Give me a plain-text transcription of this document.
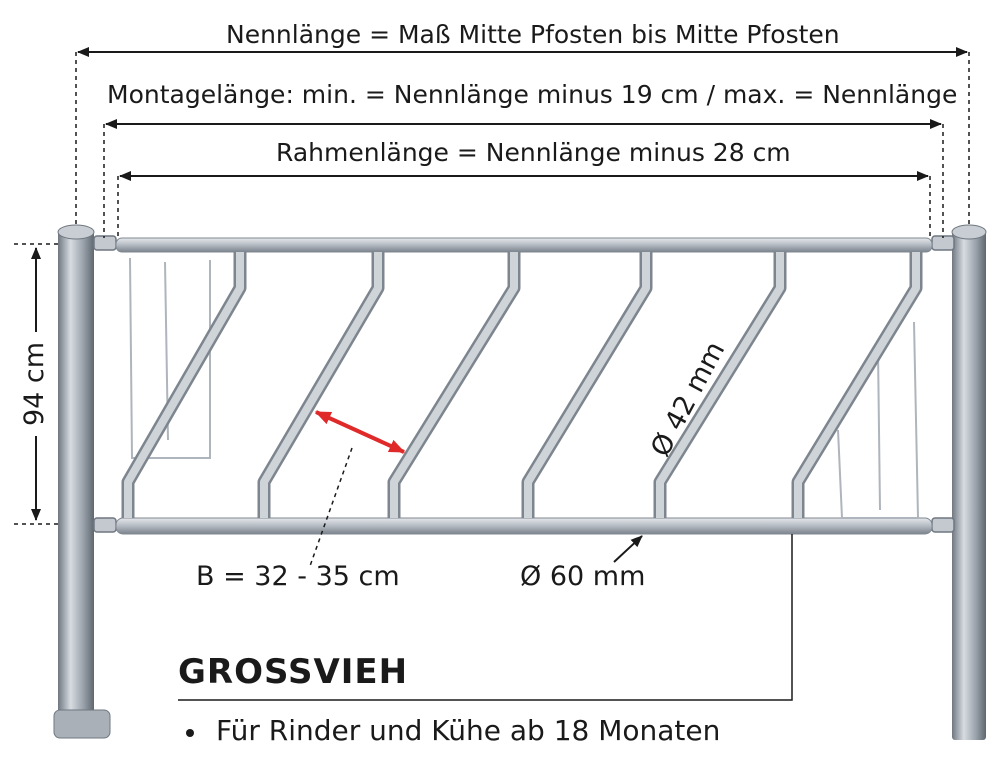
Nennlänge = Maß Mitte Pfosten bis Mitte Pfosten
Montagelänge: min. = Nennlänge minus 19 cm / max. = Nennlänge
Rahmenlänge = Nennlänge minus 28 cm
94 cm	Ø 42 mm
B = 32 - 35 cm	Ø 60 mm
GROSSVIEH
Für Rinder und Kühe ab 18 Monaten
